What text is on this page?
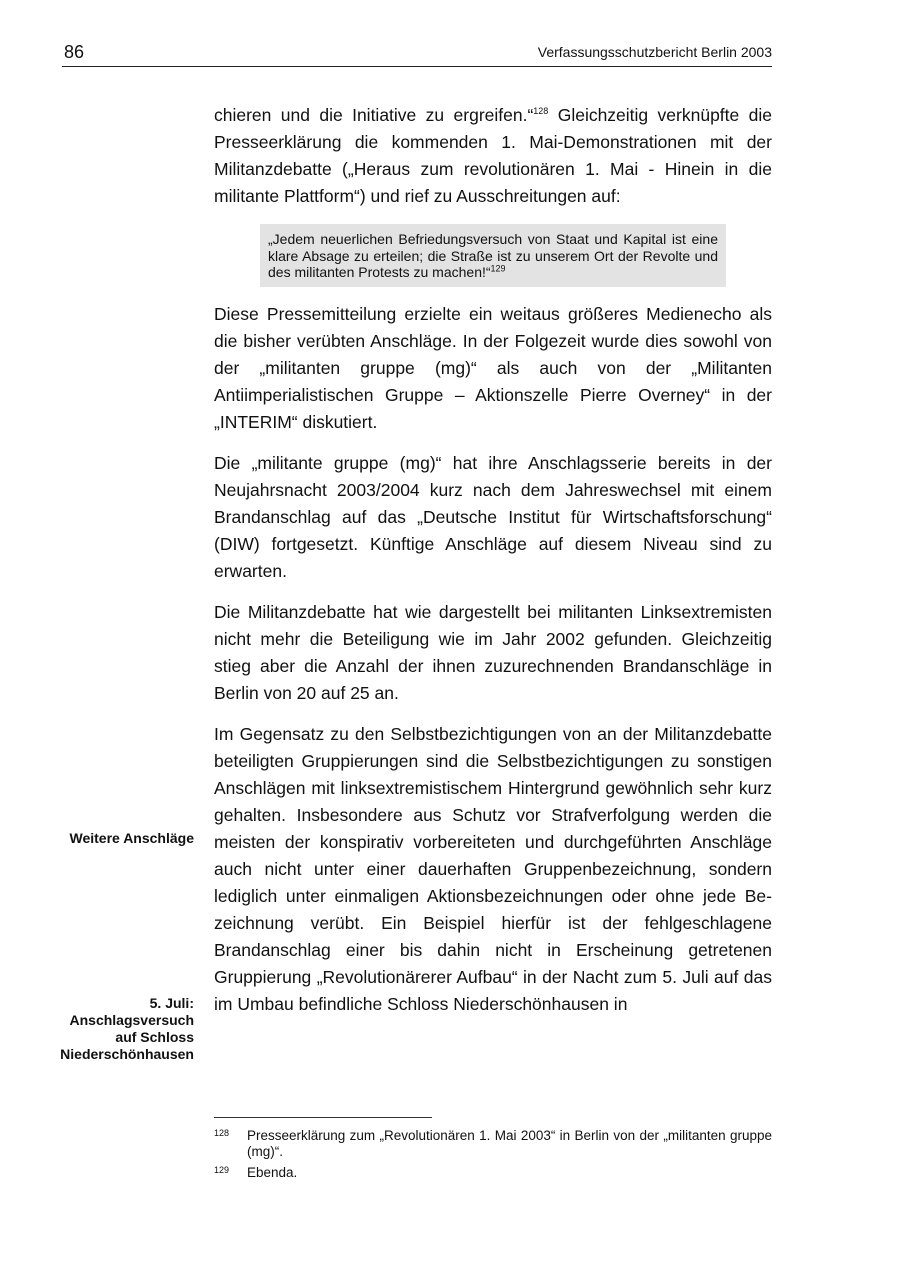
86	Verfassungsschutzbericht Berlin 2003

chieren und die Initiative zu ergreifen.“$^{128}$ Gleichzeitig verknüpfte die Presseerklärung die kommenden 1. Mai-Demonstrationen mit der Militanzdebatte („Heraus zum revolutionären 1. Mai - Hinein in die militante Plattform“) und rief zu Ausschreitungen auf:

„Jedem neuerlichen Befriedungsversuch von Staat und Kapital ist eine klare Absage zu erteilen; die Straße ist zu unserem Ort der Revolte und des militanten Protests zu machen!“$^{129}$

Diese Pressemitteilung erzielte ein weitaus größeres Medienecho als die bisher verübten Anschläge. In der Folgezeit wurde dies sowohl von der „militanten gruppe (mg)“ als auch von der „Militanten Antiimperialistischen Gruppe – Aktionszelle Pierre Overney“ in der „INTERIM“ diskutiert.

Die „militante gruppe (mg)“ hat ihre Anschlagsserie bereits in der Neujahrsnacht 2003/2004 kurz nach dem Jahreswechsel mit einem Brandanschlag auf das „Deutsche Institut für Wirtschaftsforschung“ (DIW) fortgesetzt. Künftige Anschläge auf diesem Niveau sind zu erwarten.

Die Militanzdebatte hat wie dargestellt bei militanten Linksextremisten nicht mehr die Beteiligung wie im Jahr 2002 gefunden. Gleichzeitig stieg aber die Anzahl der ihnen zuzurechnenden Brandanschläge in Berlin von 20 auf 25 an.

Im Gegensatz zu den Selbstbezichtigungen von an der Militanzdebatte beteiligten Gruppierungen sind die Selbstbezichtigungen zu sonstigen Anschlägen mit linksextremistischem Hintergrund gewöhnlich sehr kurz gehalten. Insbesondere aus Schutz vor Strafverfolgung werden die meisten der konspirativ vorbereiteten und durchgeführten Anschläge auch nicht unter einer dauerhaften Gruppenbezeichnung, sondern lediglich unter einmaligen Aktionsbezeichnungen oder ohne jede Bezeichnung verübt. Ein Beispiel hierfür ist der fehlgeschlagene Brandanschlag einer bis dahin nicht in Erscheinung getretenen Gruppierung „Revolutionärerer Aufbau“ in der Nacht zum 5. Juli auf das im Umbau befindliche Schloss Niederschönhausen in

Weitere Anschläge
5. Juli:
Anschlagsversuch
auf Schloss
Niederschönhausen
128 Presseerklärung zum „Revolutionären 1. Mai 2003“ in Berlin von der „militanten gruppe (mg)“.
129 Ebenda.
